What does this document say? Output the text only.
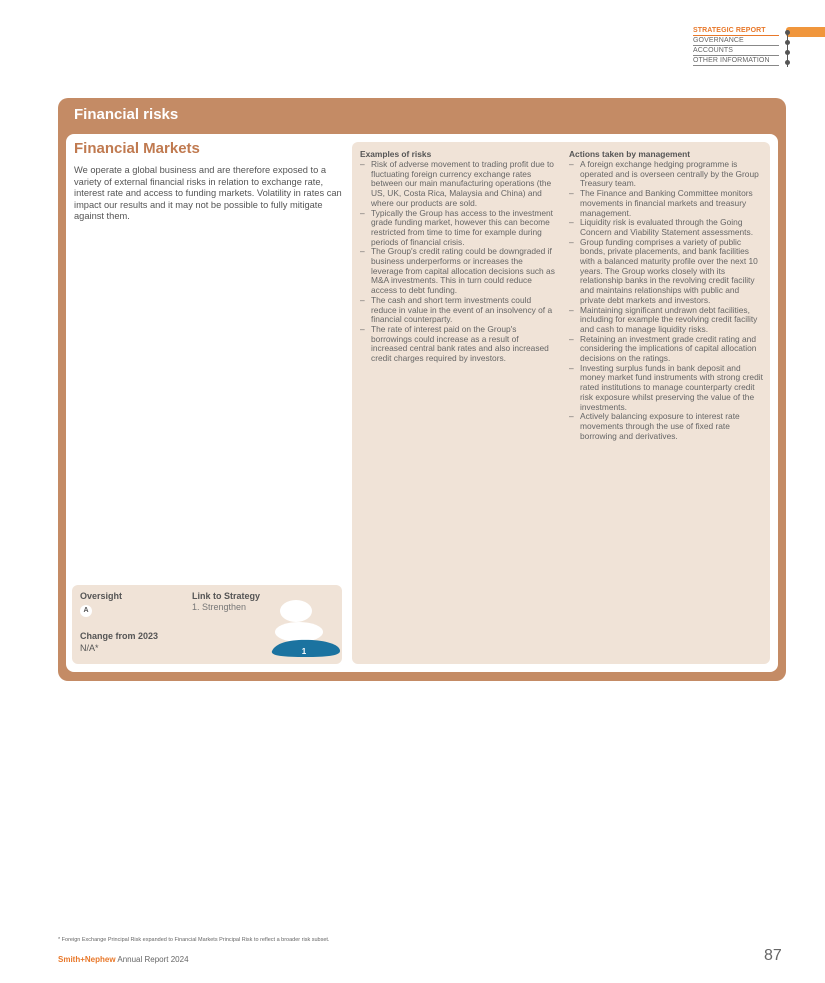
STRATEGIC REPORT
GOVERNANCE
ACCOUNTS
OTHER INFORMATION
Financial risks
Financial Markets
We operate a global business and are therefore exposed to a variety of external financial risks in relation to exchange rate, interest rate and access to funding markets. Volatility in rates can impact our results and it may not be possible to fully mitigate against them.
Oversight
A
Change from 2023
N/A*
Link to Strategy
1. Strengthen
1
Examples of risks
– Risk of adverse movement to trading profit due to fluctuating foreign currency exchange rates between our main manufacturing operations (the US, UK, Costa Rica, Malaysia and China) and where our products are sold.
– Typically the Group has access to the investment grade funding market, however this can become restricted from time to time for example during periods of financial crisis.
– The Group's credit rating could be downgraded if business underperforms or increases the leverage from capital allocation decisions such as M&A investments. This in turn could reduce access to debt funding.
– The cash and short term investments could reduce in value in the event of an insolvency of a financial counterparty.
– The rate of interest paid on the Group's borrowings could increase as a result of increased central bank rates and also increased credit charges required by investors.
Actions taken by management
– A foreign exchange hedging programme is operated and is overseen centrally by the Group Treasury team.
– The Finance and Banking Committee monitors movements in financial markets and treasury management.
– Liquidity risk is evaluated through the Going Concern and Viability Statement assessments.
– Group funding comprises a variety of public bonds, private placements, and bank facilities with a balanced maturity profile over the next 10 years. The Group works closely with its relationship banks in the revolving credit facility and maintains relationships with public and private debt markets and investors.
– Maintaining significant undrawn debt facilities, including for example the revolving credit facility and cash to manage liquidity risks.
– Retaining an investment grade credit rating and considering the implications of capital allocation decisions on the ratings.
– Investing surplus funds in bank deposit and money market fund instruments with strong credit rated institutions to manage counterparty credit risk exposure whilst preserving the value of the investments.
– Actively balancing exposure to interest rate movements through the use of fixed rate borrowing and derivatives.
* Foreign Exchange Principal Risk expanded to Financial Markets Principal Risk to reflect a broader risk subset.
Smith+Nephew Annual Report 2024	87
